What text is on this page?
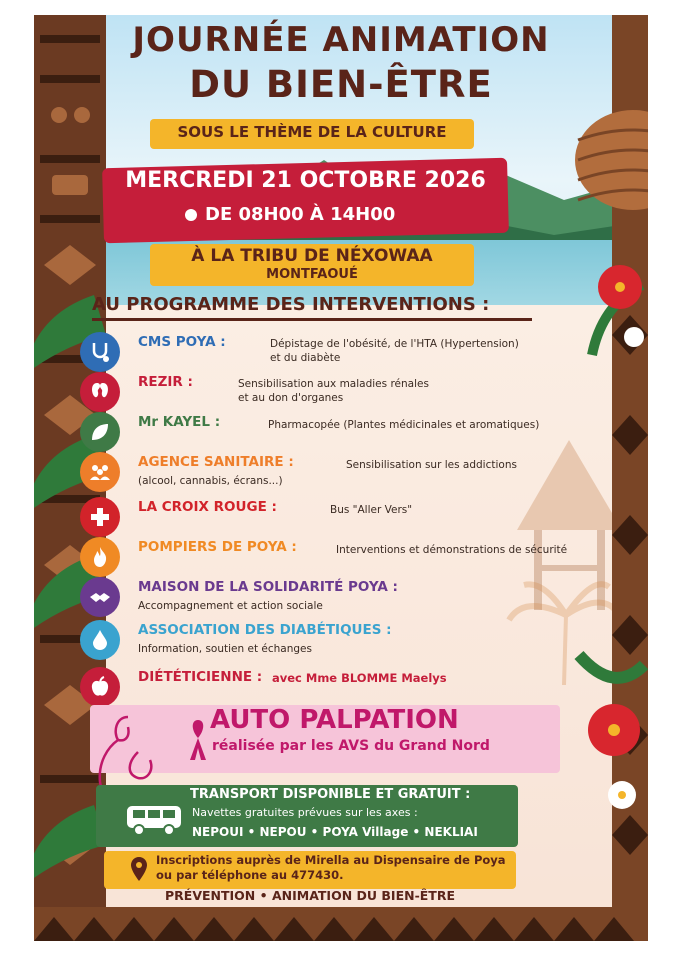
JOURNÉE ANIMATION
DU BIEN-ÊTRE
SOUS LE THÈME DE LA CULTURE
MERCREDI 21 OCTOBRE 2026
DE 08H00 À 14H00
À LA TRIBU DE NÉXOWAA
MONTFAOUÉ
AU PROGRAMME DES INTERVENTIONS :
CMS POYA :	Dépistage de l'obésité, de l'HTA (Hypertension)
et du diabète
REZIR :	Sensibilisation aux maladies rénales
et au don d'organes
Mr KAYEL :	Pharmacopée (Plantes médicinales et aromatiques)
AGENCE SANITAIRE :	Sensibilisation sur les addictions
(alcool, cannabis, écrans...)
LA CROIX ROUGE :	Bus "Aller Vers"
POMPIERS DE POYA :	Interventions et démonstrations de sécurité
MAISON DE LA SOLIDARITÉ POYA :
Accompagnement et action sociale
ASSOCIATION DES DIABÉTIQUES :
Information, soutien et échanges
DIÉTÉTICIENNE : avec Mme BLOMME Maelys
AUTO PALPATION
réalisée par les AVS du Grand Nord
TRANSPORT DISPONIBLE ET GRATUIT :
Navettes gratuites prévues sur les axes :
NEPOUI • NEPOU • POYA Village • NEKLIAI
Inscriptions auprès de Mirella au Dispensaire de Poya
ou par téléphone au 477430.
PRÉVENTION • ANIMATION DU BIEN-ÊTRE
